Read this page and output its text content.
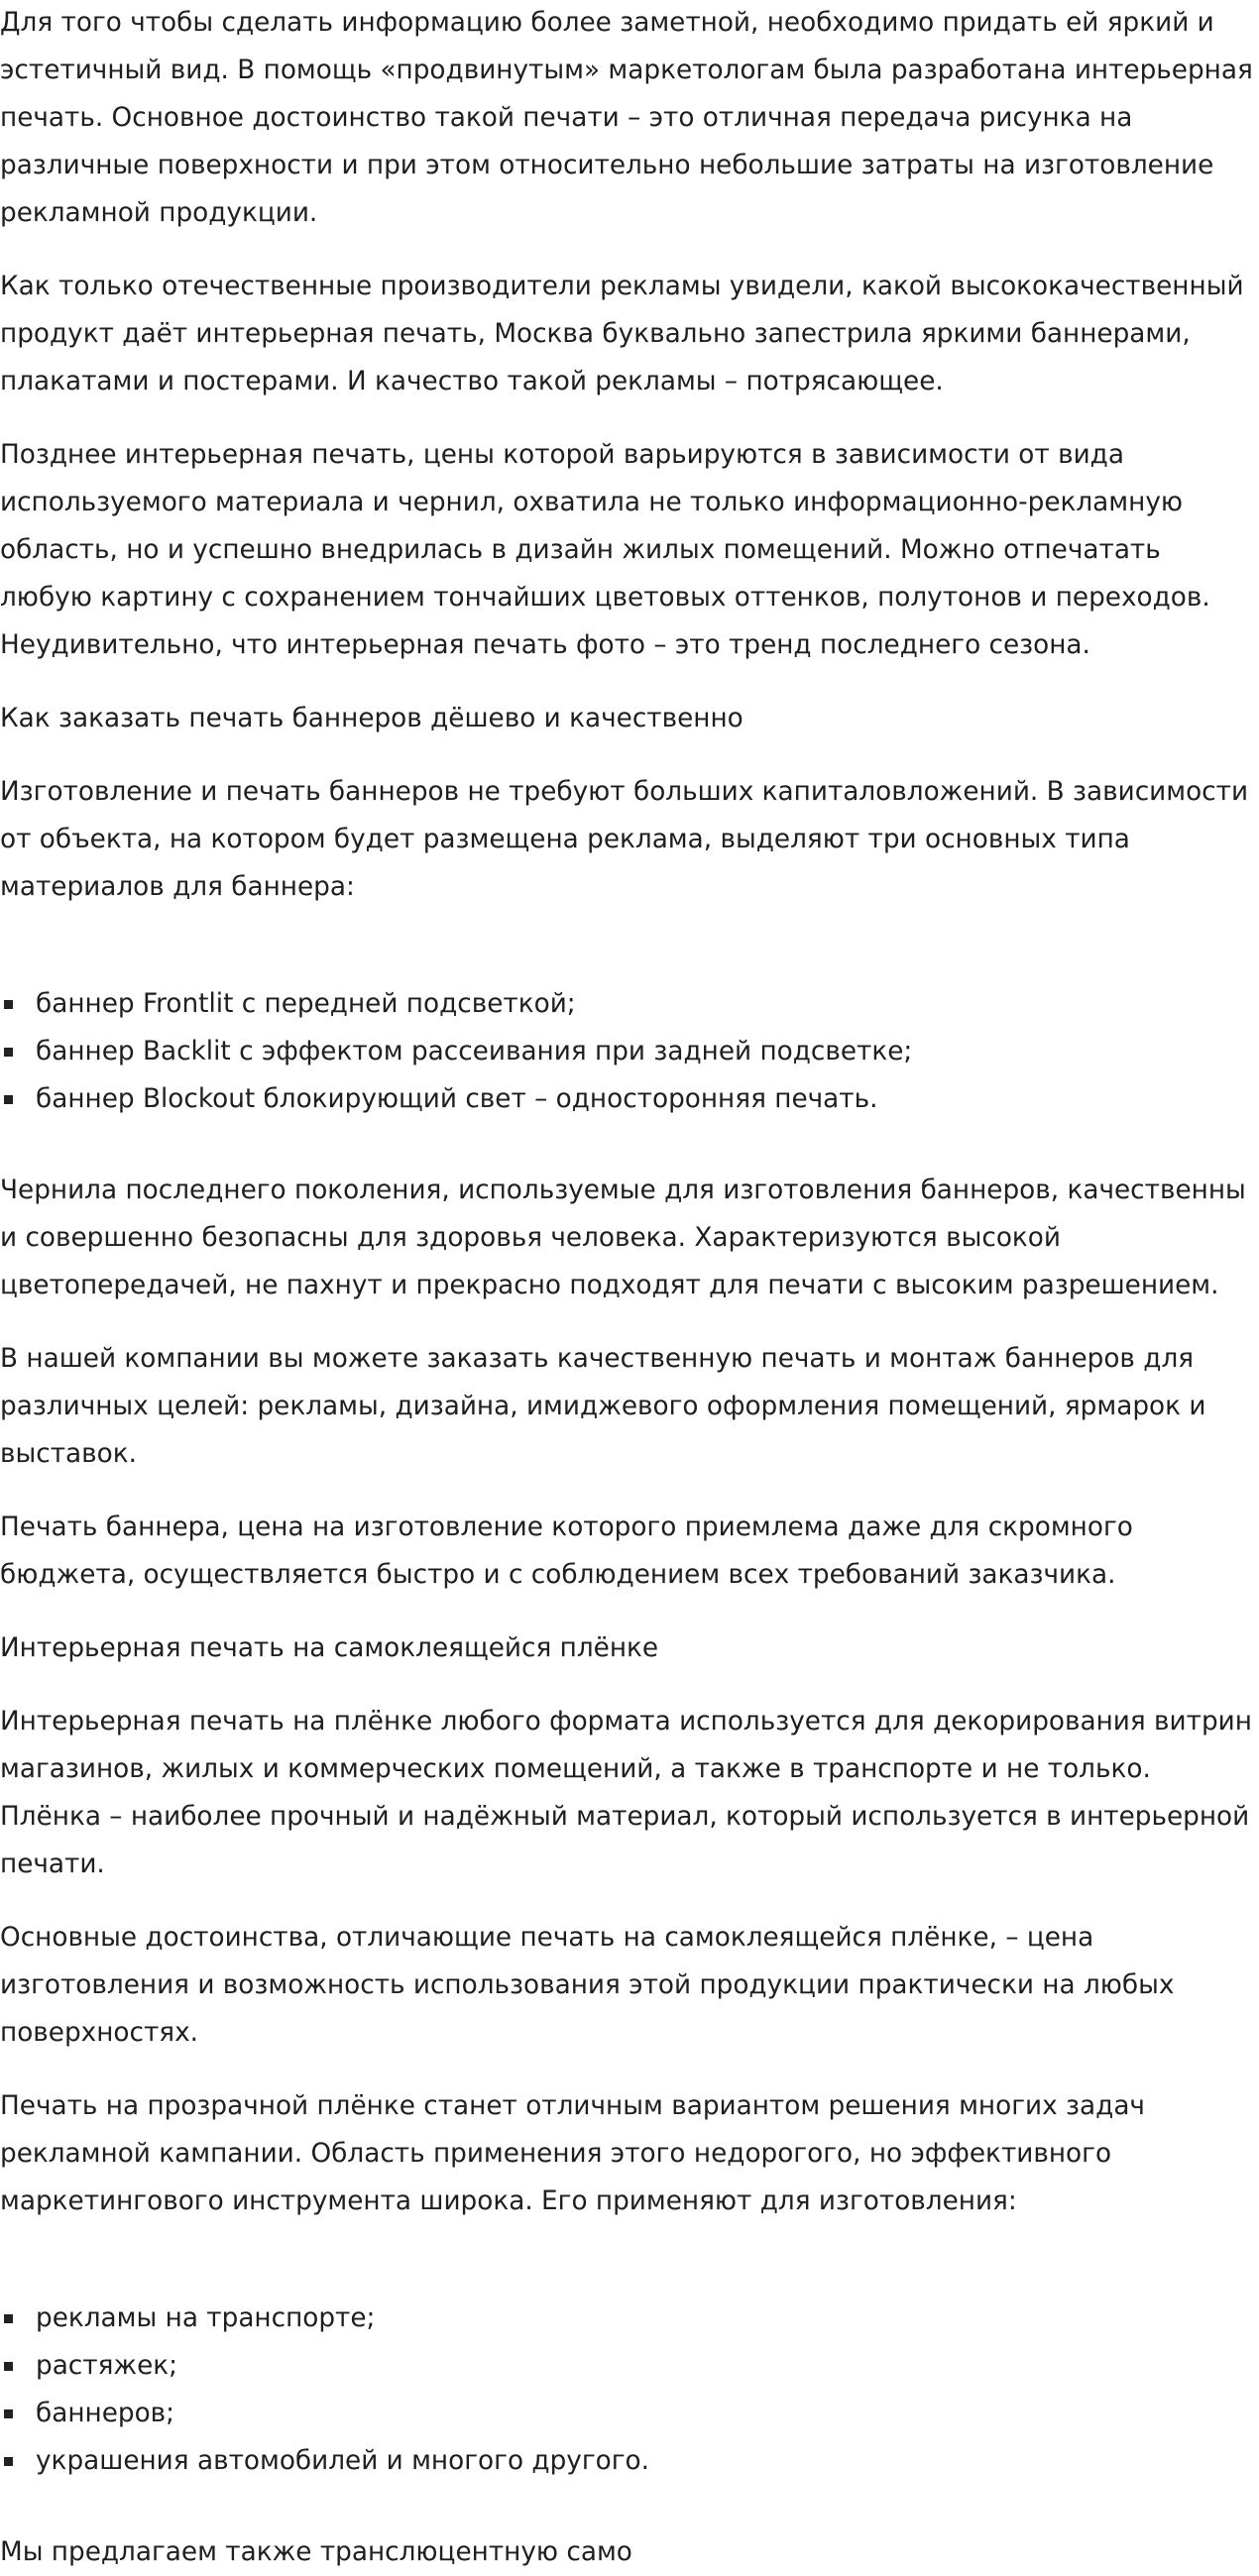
Для того чтобы сделать информацию более заметной, необходимо придать ей яркий и эстетичный вид. В помощь «продвинутым» маркетологам была разработана интерьерная печать. Основное достоинство такой печати – это отличная передача рисунка на различные поверхности и при этом относительно небольшие затраты на изготовление рекламной продукции.

Как только отечественные производители рекламы увидели, какой высококачественный продукт даёт интерьерная печать, Москва буквально запестрила яркими баннерами, плакатами и постерами. И качество такой рекламы – потрясающее.

Позднее интерьерная печать, цены которой варьируются в зависимости от вида используемого материала и чернил, охватила не только информационно-рекламную область, но и успешно внедрилась в дизайн жилых помещений. Можно отпечатать любую картину с сохранением тончайших цветовых оттенков, полутонов и переходов. Неудивительно, что интерьерная печать фото – это тренд последнего сезона.

Как заказать печать баннеров дёшево и качественно

Изготовление и печать баннеров не требуют больших капиталовложений. В зависимости от объекта, на котором будет размещена реклама, выделяют три основных типа материалов для баннера:

баннер Frontlit с передней подсветкой;
баннер Backlit с эффектом рассеивания при задней подсветке;
баннер Blockout блокирующий свет – односторонняя печать.

Чернила последнего поколения, используемые для изготовления баннеров, качественны и совершенно безопасны для здоровья человека. Характеризуются высокой цветопередачей, не пахнут и прекрасно подходят для печати с высоким разрешением.

В нашей компании вы можете заказать качественную печать и монтаж баннеров для различных целей: рекламы, дизайна, имиджевого оформления помещений, ярмарок и выставок.

Печать баннера, цена на изготовление которого приемлема даже для скромного бюджета, осуществляется быстро и с соблюдением всех требований заказчика.

Интерьерная печать на самоклеящейся плёнке

Интерьерная печать на плёнке любого формата используется для декорирования витрин магазинов, жилых и коммерческих помещений, а также в транспорте и не только. Плёнка – наиболее прочный и надёжный материал, который используется в интерьерной печати.

Основные достоинства, отличающие печать на самоклеящейся плёнке, – цена изготовления и возможность использования этой продукции практически на любых поверхностях.

Печать на прозрачной плёнке станет отличным вариантом решения многих задач рекламной кампании. Область применения этого недорогого, но эффективного маркетингового инструмента широка. Его применяют для изготовления:

рекламы на транспорте;
растяжек;
баннеров;
украшения автомобилей и многого другого.

Мы предлагаем также транслюцентную само
